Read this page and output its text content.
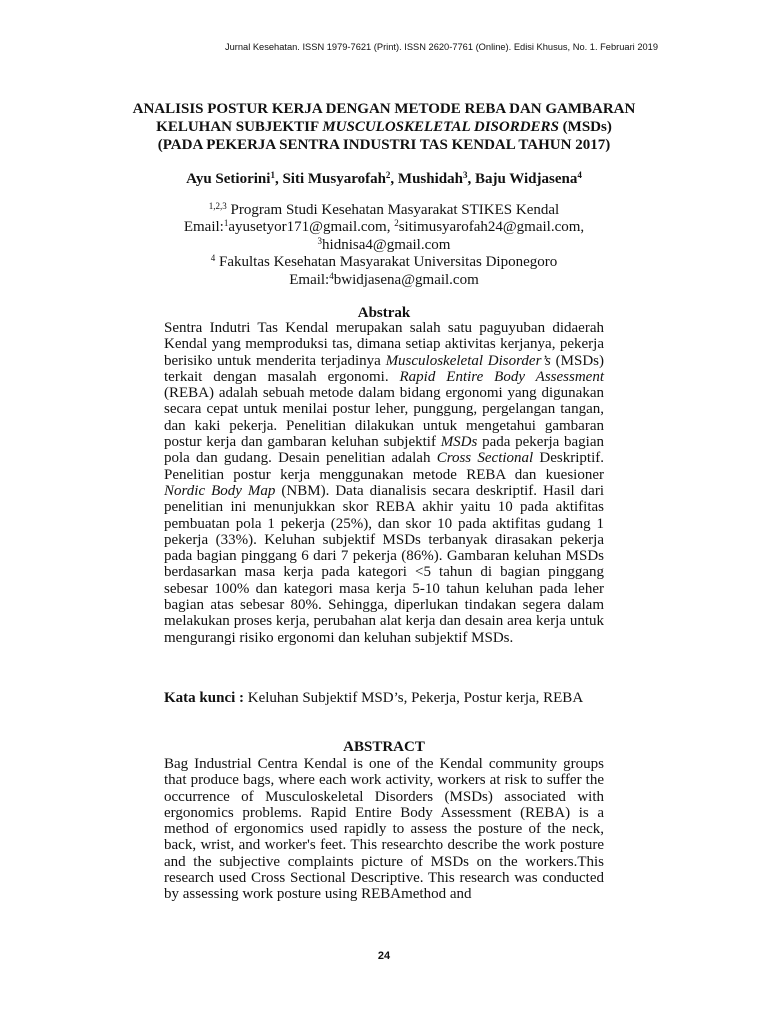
Jurnal Kesehatan. ISSN 1979-7621 (Print). ISSN 2620-7761 (Online). Edisi Khusus, No. 1. Februari 2019
ANALISIS POSTUR KERJA DENGAN METODE REBA DAN GAMBARAN
KELUHAN SUBJEKTIF MUSCULOSKELETAL DISORDERS (MSDs)
(PADA PEKERJA SENTRA INDUSTRI TAS KENDAL TAHUN 2017)
Ayu Setiorini$^1$, Siti Musyarofah$^2$, Mushidah$^3$, Baju Widjasena$^4$
$^{1,2,3}$ Program Studi Kesehatan Masyarakat STIKES Kendal
Email:$^1$ayusetyor171@gmail.com, $^2$sitimusyarofah24@gmail.com,
$^3$hidnisa4@gmail.com
$^4$ Fakultas Kesehatan Masyarakat Universitas Diponegoro
Email:$^4$bwidjasena@gmail.com
Abstrak
Sentra Indutri Tas Kendal merupakan salah satu paguyuban didaerah Kendal yang memproduksi tas, dimana setiap aktivitas kerjanya, pekerja berisiko untuk menderita terjadinya Musculoskeletal Disorder’s (MSDs) terkait dengan masalah ergonomi. Rapid Entire Body Assessment (REBA) adalah sebuah metode dalam bidang ergonomi yang digunakan secara cepat untuk menilai postur leher, punggung, pergelangan tangan, dan kaki pekerja. Penelitian dilakukan untuk mengetahui gambaran postur kerja dan gambaran keluhan subjektif MSDs pada pekerja bagian pola dan gudang. Desain penelitian adalah Cross Sectional Deskriptif. Penelitian postur kerja menggunakan metode REBA dan kuesioner Nordic Body Map (NBM). Data dianalisis secara deskriptif. Hasil dari penelitian ini menunjukkan skor REBA akhir yaitu 10 pada aktifitas pembuatan pola 1 pekerja (25%), dan skor 10 pada aktifitas gudang 1 pekerja (33%). Keluhan subjektif MSDs terbanyak dirasakan pekerja pada bagian pinggang 6 dari 7 pekerja (86%). Gambaran keluhan MSDs berdasarkan masa kerja pada kategori <5 tahun di bagian pinggang sebesar 100% dan kategori masa kerja 5-10 tahun keluhan pada leher bagian atas sebesar 80%. Sehingga, diperlukan tindakan segera dalam melakukan proses kerja, perubahan alat kerja dan desain area kerja untuk mengurangi risiko ergonomi dan keluhan subjektif MSDs.
Kata kunci : Keluhan Subjektif MSD’s, Pekerja, Postur kerja, REBA
ABSTRACT
Bag Industrial Centra Kendal is one of the Kendal community groups that produce bags, where each work activity, workers at risk to suffer the occurrence of Musculoskeletal Disorders (MSDs) associated with ergonomics problems. Rapid Entire Body Assessment (REBA) is a method of ergonomics used rapidly to assess the posture of the neck, back, wrist, and worker's feet. This researchto describe the work posture and the subjective complaints picture of MSDs on the workers.This research used Cross Sectional Descriptive. This research was conducted by assessing work posture using REBAmethod and
24
